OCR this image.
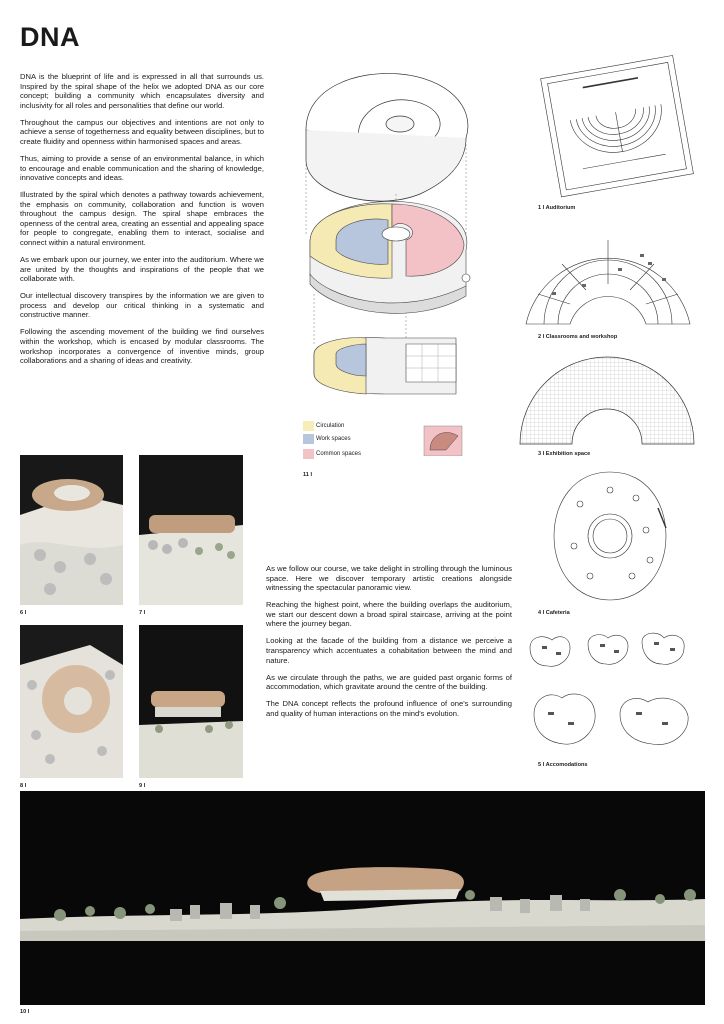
DNA

DNA is the blueprint of life and is expressed in all that surrounds us. Inspired by the spiral shape of the helix we adopted DNA as our core concept; building a community which encapsulates diversity and inclusivity for all roles and personalities that define our world.

Throughout the campus our objectives and intentions are not only to achieve a sense of togetherness and equality between disciplines, but to create fluidity and openness within harmonised spaces and areas.

Thus, aiming to provide a sense of an environmental balance, in which to encourage and enable communication and the sharing of knowledge, innovative concepts and ideas.

Illustrated by the spiral which denotes a pathway towards achievement, the emphasis on community, collaboration and function is woven throughout the campus design. The spiral shape embraces the openness of the central area, creating an essential and appealing space for people to congregate, enabling them to interact, socialise and connect within a natural environment.

As we embark upon our journey, we enter into the auditorium. Where we are united by the thoughts and inspirations of the people that we collaborate with.

Our intellectual discovery transpires by the information we are given to process and develop our critical thinking in a systematic and constructive manner.

Following the ascending movement of the building we find ourselves within the workshop, which is encased by modular classrooms. The workshop incorporates a convergence of inventive minds, group collaborations and a sharing of ideas and creativity.

Circulation
Work spaces
Common spaces
11 I
1 I Auditorium
2 I Classrooms and workshop
3 I Exhibition space
4 I Cafeteria
5 I Accomodations
6 I	7 I
8 I	9 I

As we follow our course, we take delight in strolling through the luminous space. Here we discover temporary artistic creations alongside witnessing the spectacular panoramic view.

Reaching the highest point, where the building overlaps the auditorium, we start our descent down a broad spiral staircase, arriving at the point where the journey began.

Looking at the facade of the building from a distance we perceive a transparency which accentuates a cohabitation between the mind and nature.

As we circulate through the paths, we are guided past organic forms of accommodation, which gravitate around the centre of the building.

The DNA concept reflects the profound influence of one's surrounding and quality of human interactions on the mind's evolution.

10 I
